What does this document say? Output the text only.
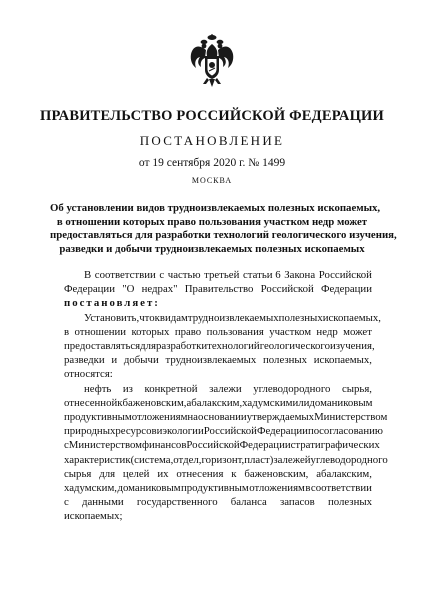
ПРАВИТЕЛЬСТВО РОССИЙСКОЙ ФЕДЕРАЦИИ
ПОСТАНОВЛЕНИЕ
от 19 сентября 2020 г. № 1499
МОСКВА
Об установлении видов трудноизвлекаемых полезных ископаемых,
в отношении которых право пользования участком недр может
предоставляться для разработки технологий геологического изучения,
разведки и добычи трудноизвлекаемых полезных ископаемых
В соответствии с частью третьей статьи 6 Закона Российской
Федерации "О недрах" Правительство Российской Федерации
постановляет:
Установить, что к видам трудноизвлекаемых полезных ископаемых,
в отношении которых право пользования участком недр может
предоставляться для разработки технологий геологического изучения,
разведки и добычи трудноизвлекаемых полезных ископаемых,
относятся:
нефть из конкретной залежи углеводородного сырья,
отнесенной к баженовским, абалакским, хадумским или доманиковым
продуктивным отложениям на основании утверждаемых Министерством
природных ресурсов и экологии Российской Федерации по согласованию
с Министерством финансов Российской Федерации стратиграфических
характеристик (система, отдел, горизонт, пласт) залежей углеводородного
сырья для целей их отнесения к баженовским, абалакским,
хадумским, доманиковым продуктивным отложениям в соответствии
с данными государственного баланса запасов полезных
ископаемых;
